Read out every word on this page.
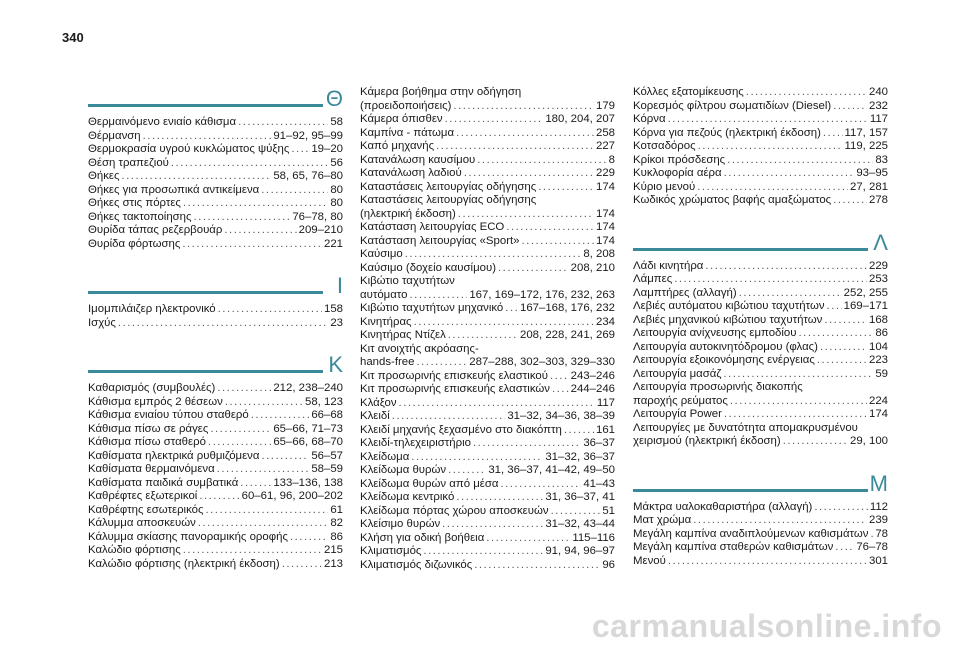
340
Θ
Θερμαινόμενο ενιαίο κάθισμα .....	58
Θέρμανση .....	91–92, 95–99
Θερμοκρασία υγρού κυκλώματος ψύξης ..... 19–20
Θέση τραπεζιού .....	56
Θήκες .....	58, 65, 76–80
Θήκες για προσωπικά αντικείμενα .....	80
Θήκες στις πόρτες .....	80
Θήκες τακτοποίησης .....	76–78, 80
Θυρίδα τάπας ρεζερβουάρ .....	209–210
Θυρίδα φόρτωσης .....	221
Ι
Ιμομπιλάιζερ ηλεκτρονικό .....	158
Ισχύς .....	23
Κ
Καθαρισμός (συμβουλές) .....	212, 238–240
Κάθισμα εμπρός 2 θέσεων .....	58, 123
Κάθισμα ενιαίου τύπου σταθερό .....	66–68
Κάθισμα πίσω σε ράγες .....	65–66, 71–73
Κάθισμα πίσω σταθερό .....	65–66, 68–70
Καθίσματα ηλεκτρικά ρυθμιζόμενα .....	56–57
Καθίσματα θερμαινόμενα .....	58–59
Καθίσματα παιδικά συμβατικά .....	133–136, 138
Καθρέφτες εξωτερικοί .....	60–61, 96, 200–202
Καθρέφτης εσωτερικός .....	61
Κάλυμμα αποσκευών .....	82
Κάλυμμα σκίασης πανοραμικής οροφής .....	86
Καλώδιο φόρτισης .....	215
Καλώδιο φόρτισης (ηλεκτρική έκδοση) .....	213
Κάμερα βοήθημα στην οδήγηση
(προειδοποιήσεις) .....	179
Κάμερα όπισθεν .....	180, 204, 207
Καμπίνα - πάτωμα .....	258
Καπό μηχανής .....	227
Κατανάλωση καυσίμου .....	8
Κατανάλωση λαδιού .....	229
Καταστάσεις λειτουργίας οδήγησης .....	174
Καταστάσεις λειτουργίας οδήγησης
(ηλεκτρική έκδοση) .....	174
Κατάσταση λειτουργίας ECO .....	174
Κατάσταση λειτουργίας «Sport» .....	174
Καύσιμο .....	8, 208
Καύσιμο (δοχείο καυσίμου) .....	208, 210
Κιβώτιο ταχυτήτων
αυτόματο .....	167, 169–172, 176, 232, 263
Κιβώτιο ταχυτήτων μηχανικό ..... 167–168, 176, 232
Κινητήρας .....	234
Κινητήρας Ντίζελ .....	208, 228, 241, 269
Κιτ ανοιχτής ακρόασης-
hands-free .....	287–288, 302–303, 329–330
Κιτ προσωρινής επισκευής ελαστικού ..... 243–246
Κιτ προσωρινής επισκευής ελαστικών ..... 244–246
Κλάξον .....	117
Κλειδί .....	31–32, 34–36, 38–39
Κλειδί μηχανής ξεχασμένο στο διακόπτη .....	161
Κλειδί-τηλεχειριστήριο .....	36–37
Κλείδωμα .....	31–32, 36–37
Κλείδωμα θυρών .....	31, 36–37, 41–42, 49–50
Κλείδωμα θυρών από μέσα .....	41–43
Κλείδωμα κεντρικό .....	31, 36–37, 41
Κλείδωμα πόρτας χώρου αποσκευών .....	51
Κλείσιμο θυρών .....	31–32, 43–44
Κλήση για οδική βοήθεια .....	115–116
Κλιματισμός .....	91, 94, 96–97
Κλιματισμός διζωνικός .....	96
Κόλλες εξατομίκευσης .....	240
Κορεσμός φίλτρου σωματιδίων (Diesel) .....	232
Κόρνα .....	117
Κόρνα για πεζούς (ηλεκτρική έκδοση) ..... 117, 157
Κοτσαδόρος .....	119, 225
Κρίκοι πρόσδεσης .....	83
Κυκλοφορία αέρα .....	93–95
Κύριο μενού .....	27, 281
Κωδικός χρώματος βαφής αμαξώματος .....	278
Λ
Λάδι κινητήρα .....	229
Λάμπες .....	253
Λαμπτήρες (αλλαγή) .....	252, 255
Λεβιές αυτόματου κιβώτιου ταχυτήτων ..... 169–171
Λεβιές μηχανικού κιβώτιου ταχυτήτων .....	168
Λειτουργία ανίχνευσης εμποδίου .....	86
Λειτουργία αυτοκινητόδρομου (φλας) .....	104
Λειτουργία εξοικονόμησης ενέργειας .....	223
Λειτουργία μασάζ .....	59
Λειτουργία προσωρινής διακοπής
παροχής ρεύματος .....	224
Λειτουργία Power .....	174
Λειτουργίες με δυνατότητα απομακρυσμένου
χειρισμού (ηλεκτρική έκδοση) .....	29, 100
Μ
Μάκτρα υαλοκαθαριστήρα (αλλαγή) .....	112
Ματ χρώμα .....	239
Μεγάλη καμπίνα αναδιπλούμενων καθισμάτων ..... 78
Μεγάλη καμπίνα σταθερών καθισμάτων ..... 76–78
Μενού .....	301
carmanualsonline.info
